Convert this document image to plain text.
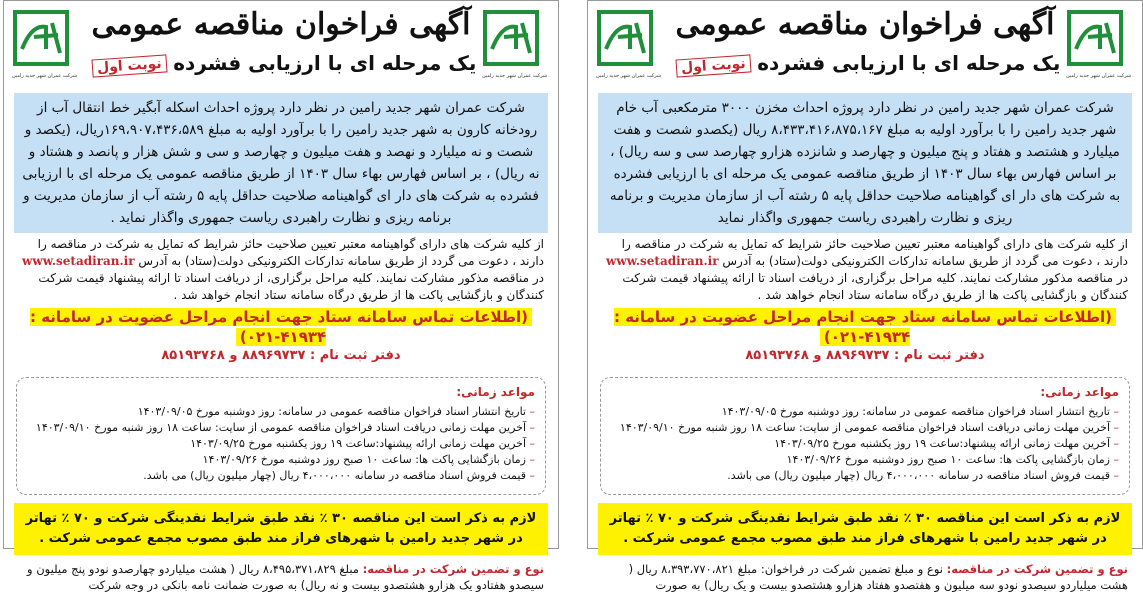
شرکت عمران شهر جدید رامین
آگهی فراخوان مناقصه عمومی
یک مرحله ای با ارزیابی فشرده نوبت اول
شرکت عمران شهر جدید رامین
شرکت عمران شهر جدید رامین در نظر دارد پروژه احداث مخزن ۳۰۰۰ مترمکعبی آب خام شهر جدید رامین را با برآورد اولیه به مبلغ ۸،۴۳۳،۴۱۶،۸۷۵،۱۶۷ ریال (یکصدو شصت و هفت میلیارد و هشتصد و هفتاد و پنج میلیون و چهارصد و شانزده هزارو چهارصد سی و سه ریال) ، بر اساس فهارس بهاء سال ۱۴۰۳ از طریق مناقصه عمومی یک مرحله ای با ارزیابی فشرده به شرکت های دار ای گواهینامه صلاحیت حداقل پایه ۵ رشته آب از سازمان مدیریت و برنامه ریزی و نظارت راهبردی ریاست جمهوری واگذار نماید
از کلیه شرکت های دارای گواهینامه معتبر تعیین صلاحیت حائز شرایط که تمایل به شرکت در مناقصه را دارند ، دعوت می گردد از طریق سامانه تدارکات الکترونیکی دولت(ستاد) به آدرس www.setadiran.ir در مناقصه مذکور مشارکت نمایند. کلیه مراحل برگزاری، از دریافت اسناد تا ارائه پیشنهاد قیمت شرکت کنندگان و بازگشایی پاکت ها از طریق درگاه سامانه ستاد انجام خواهد شد .
(اطلاعات تماس سامانه ستاد جهت انجام مراحل عضویت در سامانه : ۴۱۹۳۴-۰۲۱)
دفتر ثبت نام : ۸۸۹۶۹۷۳۷ و ۸۵۱۹۳۷۶۸
مواعد زمانی:
– تاریخ انتشار اسناد فراخوان مناقصه عمومی در سامانه: روز دوشنبه مورخ ۱۴۰۳/۰۹/۰۵
– آخرین مهلت زمانی دریافت اسناد فراخوان مناقصه عمومی از سایت: ساعت ۱۸ روز شنبه مورخ ۱۴۰۳/۰۹/۱۰
– آخرین مهلت زمانی ارائه پیشنهاد:ساعت ۱۹ روز یکشنبه مورخ ۱۴۰۳/۰۹/۲۵
– زمان بازگشایی پاکت ها: ساعت ۱۰ صبح روز دوشنبه مورخ ۱۴۰۳/۰۹/۲۶
– قیمت فروش اسناد مناقصه در سامانه ۴،۰۰۰،۰۰۰ ریال (چهار میلیون ریال) می باشد.
لازم به ذکر است این مناقصه ۳۰ ٪ نقد طبق شرایط نقدینگی شرکت و ۷۰ ٪ تهاتر در شهر جدید رامین با شهرهای فراز مند طبق مصوب مجمع عمومی شرکت .
نوع و تضمین شرکت در مناقصه: نوع و مبلغ تضمین شرکت در فراخوان: مبلغ ۸،۳۹۳،۷۷۰،۸۲۱ ریال ( هشت میلیاردو سیصدو نودو سه میلیون و هفتصدو هفتاد هزارو هشتصدو بیست و یک ریال) به صورت
شرکت عمران شهر جدید رامین
آگهی فراخوان مناقصه عمومی
یک مرحله ای با ارزیابی فشرده نوبت اول
شرکت عمران شهر جدید رامین
شرکت عمران شهر جدید رامین در نظر دارد پروژه احداث اسکله آبگیر خط انتقال آب از رودخانه کارون به شهر جدید رامین را با برآورد اولیه به مبلغ ۱۶۹،۹۰۷،۴۳۶،۵۸۹ریال، (یکصد و شصت و نه میلیارد و نهصد و هفت میلیون و چهارصد و سی و شش هزار و پانصد و هشتاد و نه ریال) ، بر اساس فهارس بهاء سال ۱۴۰۳ از طریق مناقصه عمومی یک مرحله ای با ارزیابی فشرده به شرکت های دار ای گواهینامه صلاحیت حداقل پایه ۵ رشته آب از سازمان مدیریت و برنامه ریزی و نظارت راهبردی ریاست جمهوری واگذار نماید .
از کلیه شرکت های دارای گواهینامه معتبر تعیین صلاحیت حائز شرایط که تمایل به شرکت در مناقصه را دارند ، دعوت می گردد از طریق سامانه تدارکات الکترونیکی دولت(ستاد) به آدرس www.setadiran.ir در مناقصه مذکور مشارکت نمایند. کلیه مراحل برگزاری، از دریافت اسناد تا ارائه پیشنهاد قیمت شرکت کنندگان و بازگشایی پاکت ها از طریق درگاه سامانه ستاد انجام خواهد شد .
(اطلاعات تماس سامانه ستاد جهت انجام مراحل عضویت در سامانه : ۴۱۹۳۴-۰۲۱)
دفتر ثبت نام : ۸۸۹۶۹۷۳۷ و ۸۵۱۹۳۷۶۸
مواعد زمانی:
– تاریخ انتشار اسناد فراخوان مناقصه عمومی در سامانه: روز دوشنبه مورخ ۱۴۰۳/۰۹/۰۵
– آخرین مهلت زمانی دریافت اسناد فراخوان مناقصه عمومی از سایت: ساعت ۱۸ روز شنبه مورخ ۱۴۰۳/۰۹/۱۰
– آخرین مهلت زمانی ارائه پیشنهاد:ساعت ۱۹ روز یکشنبه مورخ ۱۴۰۳/۰۹/۲۵
– زمان بازگشایی پاکت ها: ساعت ۱۰ صبح روز دوشنبه مورخ ۱۴۰۳/۰۹/۲۶
– قیمت فروش اسناد مناقصه در سامانه ۴،۰۰۰،۰۰۰ ریال (چهار میلیون ریال) می باشد.
لازم به ذکر است این مناقصه ۳۰ ٪ نقد طبق شرایط نقدینگی شرکت و ۷۰ ٪ تهاتر در شهر جدید رامین با شهرهای فراز مند طبق مصوب مجمع عمومی شرکت .
نوع و تضمین شرکت در مناقصه: مبلغ ۸،۴۹۵،۳۷۱،۸۲۹ ریال ( هشت میلیاردو چهارصدو نودو پنج میلیون و سیصدو هفتادو یک هزارو هشتصدو بیست و نه ریال) به صورت ضمانت نامه بانکی در وجه شرکت
